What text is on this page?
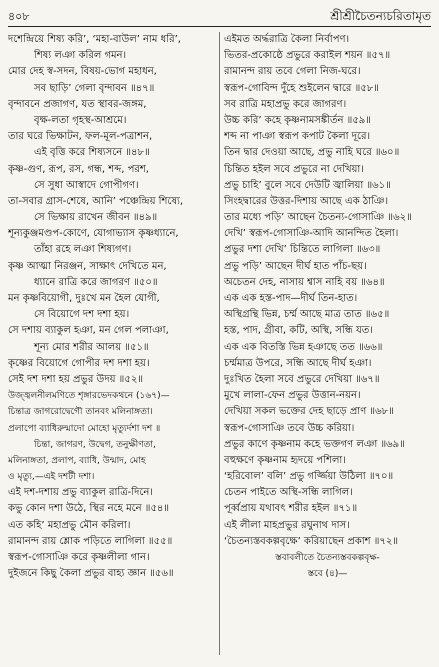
৪০৮	শ্রীশ্রীচৈতন্যচরিতামৃত
দশেন্দ্রিয়ে শিষ্য করি’, ‘মহা-বাউল’ নাম ধরি’,
শিষ্য লঞা করিল গমন।
মোর দেহ স্ব-সদন, বিষয়-ভোগ মহাধন,
সব ছাড়ি’ গেলা বৃন্দাবন ॥৪৭॥
বৃন্দাবনে প্রজাগণ, যত স্থাবর-জঙ্গম,
বৃক্ষ-লতা গৃহস্থ-আশ্রমে।
তার ঘরে ভিক্ষাটন, ফল-মূল-পত্রাশন,
এই বৃত্তি করে শিষ্যসনে ॥৪৮॥
কৃষ্ণ-গুণ, রূপ, রস, গন্ধ, শব্দ, পরশ,
সে সুধা আস্বাদে গোপীগণ।
তা-সবার গ্রাস-শেষে, আনি’ পঞ্চেন্দ্রিয় শিষ্যে,
সে ভিক্ষায় রাখেন জীবন ॥৪৯॥
শূন্যকুঞ্জমণ্ডপ-কোণে, যোগাভ্যাস কৃষ্ণধ্যানে,
তাঁহা রহে লঞা শিষ্যগণ।
কৃষ্ণ আত্মা নিরঞ্জন, সাক্ষাৎ দেখিতে মন,
ধ্যানে রাত্রি করে জাগরণ ॥৫০॥
মন কৃষ্ণবিয়োগী, দুঃখে মন হৈল যোগী,
সে বিয়োগে দশ দশা হয়।
সে দশায় ব্যাকুল হঞা, মন গেল পলাঞা,
শূন্য মোর শরীর আলয় ॥৫১॥
কৃষ্ণের বিয়োগে গোপীর দশ দশা হয়।
সেই দশ দশা হয় প্রভুর উদয় ॥৫২॥
উজ্জ্বলনীলমণিতে শৃঙ্গারভেদকথনে (১৬৭)—
চিন্তাত্র জাগরোদ্বেগৌ তানবং মলিনাঙ্গতা।
প্রলাপো ব্যাধিরুন্মাদো মোহো মৃত্যুর্দশা দশ ॥
চিন্তা, জাগরণ, উদ্বেগ, তনুক্ষীণতা,
মলিনাঙ্গতা, প্রলাপ, ব্যাধি, উন্মাদ, মোহ
ও মৃত্যু,—এই দশটী দশা।
এই দশ-দশায় প্রভু ব্যাকুল রাত্রি-দিনে।
কভু কোন দশা উঠে, স্থির নহে মনে ॥৫৪॥
এত কহি’ মহাপ্রভু মৌন করিলা।
রামানন্দ রায় শ্লোক পড়িতে লাগিলা ॥৫৫॥
স্বরূপ-গোসাঞি করে কৃষ্ণলীলা গান।
দুইজনে কিছু কৈলা প্রভুর বাহ্য জ্ঞান ॥৫৬॥
এইমত অর্দ্ধরাত্রি কৈলা নির্বাপণ।
ভিতর-প্রকোষ্ঠে প্রভুরে করাইল শয়ন ॥৫৭॥
রামানন্দ রায় তবে গেলা নিজ-ঘরে।
স্বরূপ-গোবিন্দ দুঁহে শুইলেন দ্বারে ॥৫৮॥
সব রাত্রি মহাপ্রভু করে জাগরণ।
উচ্চ করি’ কহে কৃষ্ণনামসঙ্কীর্তন ॥৫৯॥
শব্দ না পাঞা স্বরূপ কপাট কৈলা দূরে।
তিন দ্বার দেওয়া আছে, প্রভু নাহি ঘরে ॥৬০॥
চিন্তিত হইল সবে প্রভুরে না দেখিয়া।
প্রভু চাহি’ বুলে সবে দেউটি জ্বালিয়া ॥৬১॥
সিংহদ্বারের উত্তর-দিশায় আছে এক ঠাঞি।
তার মধ্যে পড়ি’ আছেন চৈতন্য-গোসাঞি ॥৬২॥
দেখি’ স্বরূপ-গোসাঞি-আদি আনন্দিত হৈলা।
প্রভুর দশা দেখি’ চিন্তিতে লাগিলা ॥৬৩॥
প্রভু পড়ি’ আছেন দীর্ঘ হাত পাঁচ-ছয়।
অচেতন দেহ, নাসায় শ্বাস নাহি বয় ॥৬৪॥
এক এক হস্ত-পাদ—দীর্ঘ তিন-হাত।
অস্থিগ্রন্থি ভিন্ন, চর্ম্ম আছে মাত্র তাত ॥৬৫॥
হস্ত, পাদ, গ্রীবা, কটি, অস্থি, সন্ধি যত।
এক এক বিতস্তি ভিন্ন হঞাছে তত ॥৬৬॥
চর্ম্মমাত্র উপরে, সন্ধি আছে দীর্ঘ হঞা।
দুঃখিত হৈলা সবে প্রভুরে দেখিয়া ॥৬৭॥
মুখে লালা-ফেন প্রভুর উত্তান-নয়ন।
দেখিয়া সকল ভক্তের দেহ ছাড়ে প্রাণ ॥৬৮॥
স্বরূপ-গোসাঞি তবে উচ্চ করিয়া।
প্রভুর কাণে কৃষ্ণনাম কহে ভক্তগণ লঞা ॥৬৯॥
বহুক্ষণে কৃষ্ণনাম হৃদয়ে পশিলা।
‘হরিবোল’ বলি’ প্রভু গর্জ্জিয়া উঠিলা ॥৭০॥
চেতন পাইতে অস্থি-সন্ধি লাগিল।
পূর্ব্বপ্রায় যথাবৎ শরীর হইল ॥৭১॥
এই লীলা মাহপ্রভুর রঘুনাথ দাস।
‘চৈতন্যস্তবকল্পবৃক্ষে’ করিয়াছেন প্রকাশ ॥৭২॥
স্তবাবলীতে চৈতন্যস্তবকল্পবৃক্ষ-
স্তবে (৪)—
